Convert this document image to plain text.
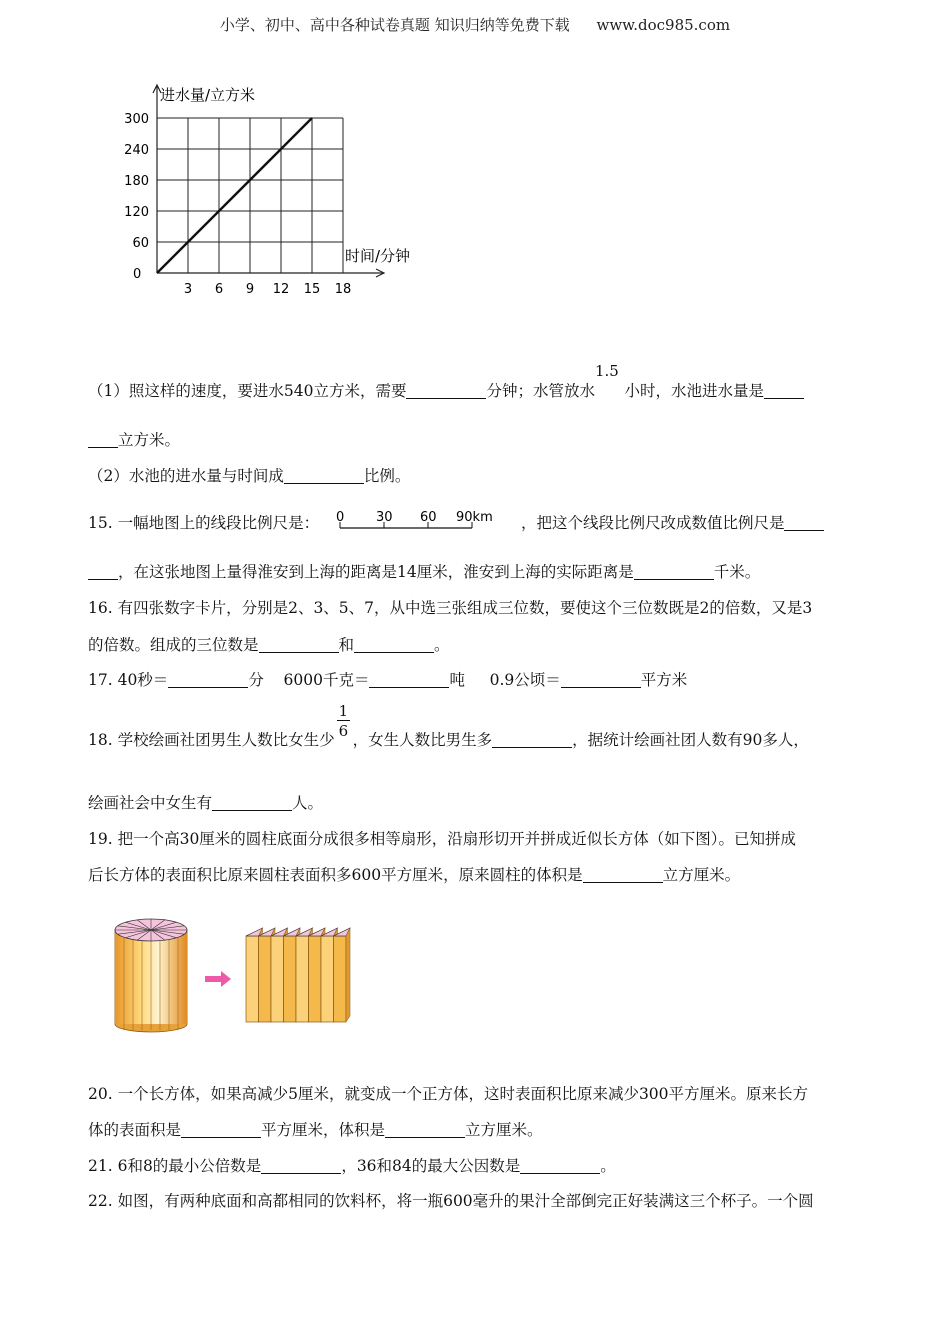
小学、初中、高中各种试卷真题 知识归纳等免费下载 www.doc985.com
进水量/立方米
时间/分钟
0
3 6 9 12 15 18
300
240
180
120
60
（1）照这样的速度，要进水540立方米，需要	分钟；水管放水
1.5
小时，水池进水量是
立方米。
（2）水池的进水量与时间成	比例。
15. 一幅地图上的线段比例尺是： 0 30 60 90km ，把这个线段比例尺改成数值比例尺是
，在这张地图上量得淮安到上海的距离是14厘米，淮安到上海的实际距离是	千米。
16. 有四张数字卡片，分别是2、3、5、7，从中选三张组成三位数，要使这个三位数既是2的倍数，又是3
的倍数。组成的三位数是	和	。
17. 40秒＝	分    6000千克＝	吨     0.9公顷＝	平方米
18. 学校绘画社团男生人数比女生少 $\frac{1}{6}$ ，女生人数比男生多	，据统计绘画社团人数有90多人，
绘画社会中女生有	人。
19. 把一个高30厘米的圆柱底面分成很多相等扇形，沿扇形切开并拼成近似长方体（如下图）。已知拼成
后长方体的表面积比原来圆柱表面积多600平方厘米，原来圆柱的体积是	立方厘米。
20. 一个长方体，如果高减少5厘米，就变成一个正方体，这时表面积比原来减少300平方厘米。原来长方
体的表面积是	平方厘米，体积是	立方厘米。
21. 6和8的最小公倍数是	，36和84的最大公因数是	。
22. 如图，有两种底面和高都相同的饮料杯，将一瓶600毫升的果汁全部倒完正好装满这三个杯子。一个圆
